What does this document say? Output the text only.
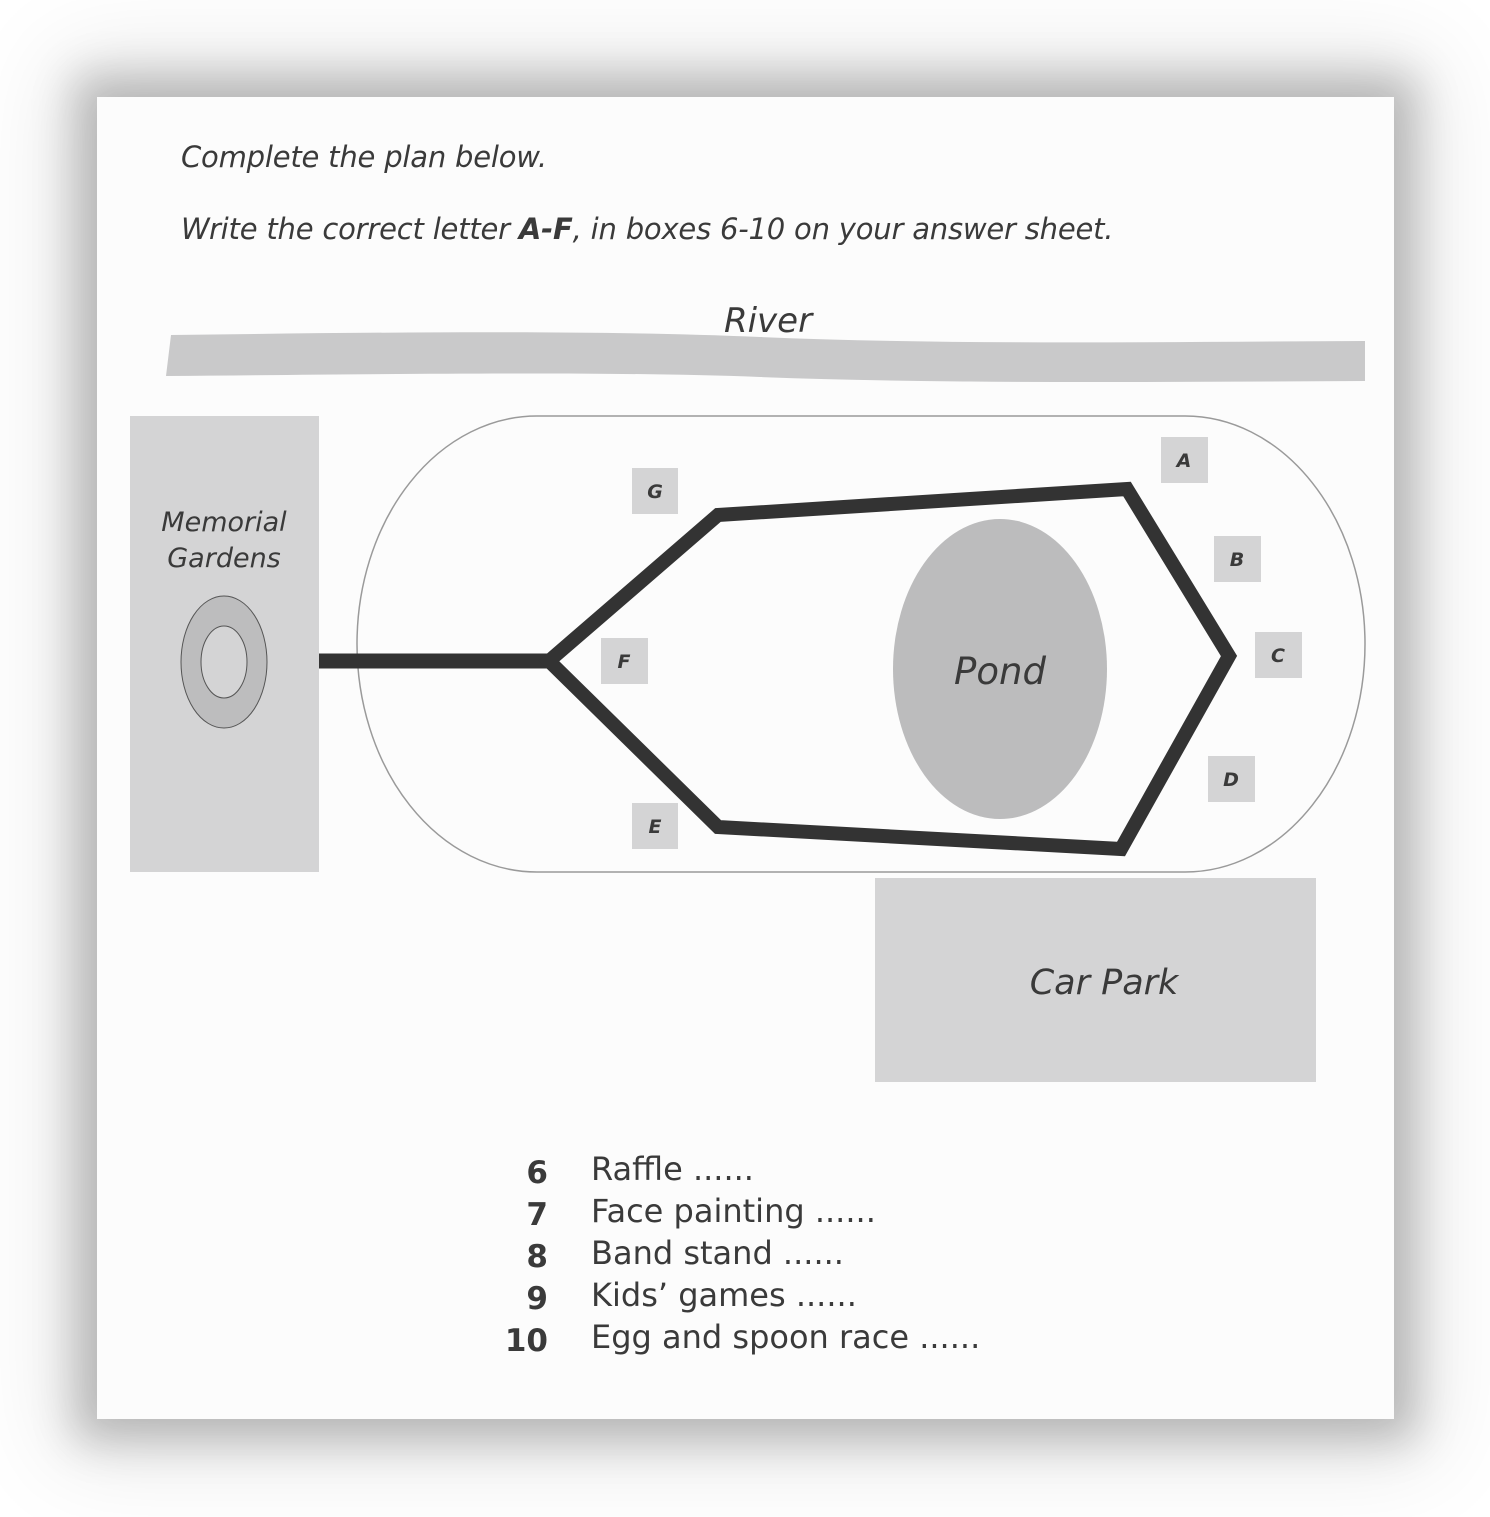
Complete the plan below.
Write the correct letter A-F, in boxes 6-10 on your answer sheet.
River
Memorial
Gardens
Pond
A
B
C
D
E
F
G
Car Park
6 Raffle ......
7 Face painting ......
8 Band stand ......
9 Kids’ games ......
10 Egg and spoon race ......
